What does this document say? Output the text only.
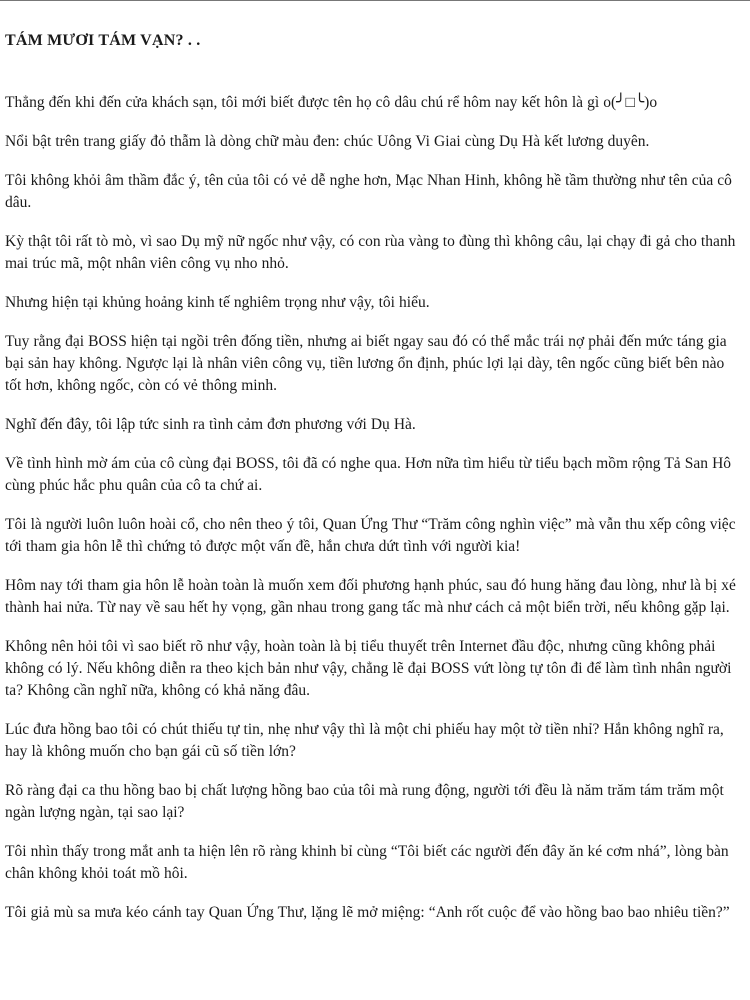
TÁM MƯƠI TÁM VẠN? . .

Thẳng đến khi đến cửa khách sạn, tôi mới biết được tên họ cô dâu chú rể hôm nay kết hôn là gì o(╯□╰)o

Nổi bật trên trang giấy đỏ thẫm là dòng chữ màu đen: chúc Uông Vi Giai cùng Dụ Hà kết lương duyên.

Tôi không khỏi âm thầm đắc ý, tên của tôi có vẻ dễ nghe hơn, Mạc Nhan Hinh, không hề tầm thường như tên của cô dâu.

Kỳ thật tôi rất tò mò, vì sao Dụ mỹ nữ ngốc như vậy, có con rùa vàng to đùng thì không câu, lại chạy đi gả cho thanh mai trúc mã, một nhân viên công vụ nho nhỏ.

Nhưng hiện tại khủng hoảng kinh tế nghiêm trọng như vậy, tôi hiểu.

Tuy rằng đại BOSS hiện tại ngồi trên đống tiền, nhưng ai biết ngay sau đó có thể mắc trái nợ phải đến mức táng gia bại sản hay không. Ngược lại là nhân viên công vụ, tiền lương ổn định, phúc lợi lại dày, tên ngốc cũng biết bên nào tốt hơn, không ngốc, còn có vẻ thông minh.

Nghĩ đến đây, tôi lập tức sinh ra tình cảm đơn phương với Dụ Hà.

Về tình hình mờ ám của cô cùng đại BOSS, tôi đã có nghe qua. Hơn nữa tìm hiểu từ tiểu bạch mồm rộng Tả San Hô cùng phúc hắc phu quân của cô ta chứ ai.

Tôi là người luôn luôn hoài cổ, cho nên theo ý tôi, Quan Ứng Thư “Trăm công nghìn việc” mà vẫn thu xếp công việc tới tham gia hôn lễ thì chứng tỏ được một vấn đề, hắn chưa dứt tình với người kia!

Hôm nay tới tham gia hôn lễ hoàn toàn là muốn xem đối phương hạnh phúc, sau đó hung hăng đau lòng, như là bị xé thành hai nửa. Từ nay về sau hết hy vọng, gần nhau trong gang tấc mà như cách cả một biển trời, nếu không gặp lại.

Không nên hỏi tôi vì sao biết rõ như vậy, hoàn toàn là bị tiểu thuyết trên Internet đầu độc, nhưng cũng không phải không có lý. Nếu không diễn ra theo kịch bản như vậy, chẳng lẽ đại BOSS vứt lòng tự tôn đi để làm tình nhân người ta? Không cần nghĩ nữa, không có khả năng đâu.

Lúc đưa hồng bao tôi có chút thiếu tự tin, nhẹ như vậy thì là một chi phiếu hay một tờ tiền nhỉ? Hắn không nghĩ ra, hay là không muốn cho bạn gái cũ số tiền lớn?

Rõ ràng đại ca thu hồng bao bị chất lượng hồng bao của tôi mà rung động, người tới đều là năm trăm tám trăm một ngàn lượng ngàn, tại sao lại?

Tôi nhìn thấy trong mắt anh ta hiện lên rõ ràng khinh bỉ cùng “Tôi biết các người đến đây ăn ké cơm nhá”, lòng bàn chân không khỏi toát mồ hôi.

Tôi giả mù sa mưa kéo cánh tay Quan Ứng Thư, lặng lẽ mở miệng: “Anh rốt cuộc để vào hồng bao bao nhiêu tiền?”
